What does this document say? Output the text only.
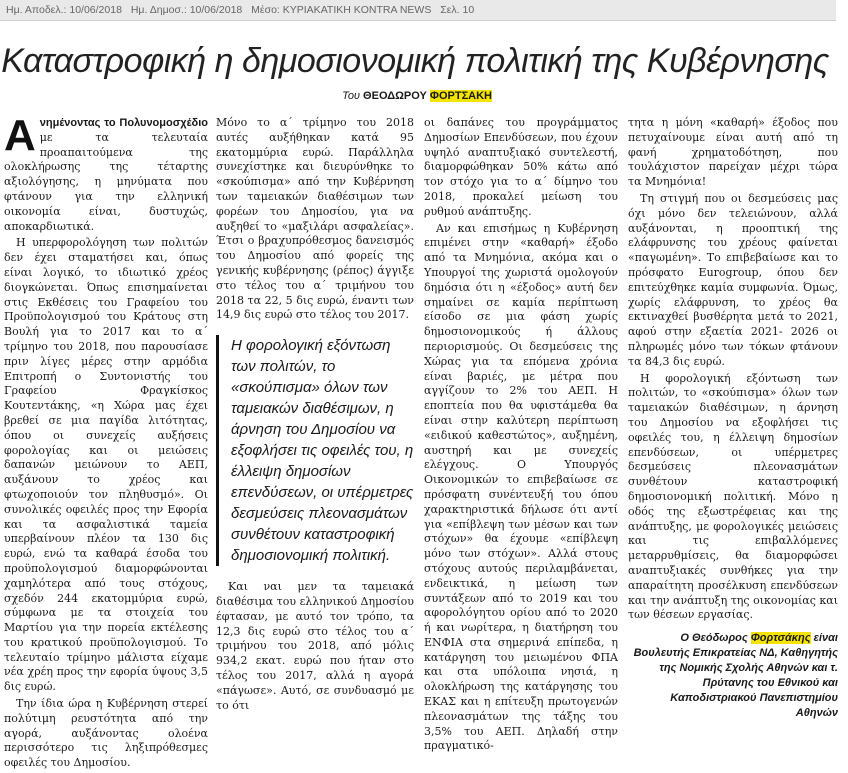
Ημ. Αποδελ.: 10/06/2018 Ημ. Δημοσ.: 10/06/2018 Μέσο: ΚΥΡΙΑΚΑΤΙΚΗ KONTRA NEWS Σελ. 10
Καταστροφική η δημοσιονομική πολιτική της Κυβέρνησης
Του ΘΕΟΔΩΡΟΥ ΦΟΡΤΣΑΚΗ

Α νημένοντας το Πολυνομοσχέδιο με τα τελευταία προαπαιτούμενα της ολοκλήρωσης της τέταρτης αξιολόγησης, η μηνύματα που φτάνουν για την ελληνική οικονομία είναι, δυστυχώς, αποκαρδιωτικά.

Η υπερφορολόγηση των πολιτών δεν έχει σταματήσει και, όπως είναι λογικό, το ιδιωτικό χρέος διογκώνεται. Όπως επισημαίνεται στις Εκθέσεις του Γραφείου του Προϋπολογισμού του Κράτους στη Βουλή για το 2017 και το α΄ τρίμηνο του 2018, που παρουσίασε πριν λίγες μέρες στην αρμόδια Επιτροπή ο Συντονιστής του Γραφείου Φραγκίσκος Κουτεντάκης, «η Χώρα μας έχει βρεθεί σε μια παγίδα λιτότητας, όπου οι συνεχείς αυξήσεις φορολογίας και οι μειώσεις δαπανών μειώνουν το ΑΕΠ, αυξάνουν το χρέος και φτωχοποιούν τον πληθυσμό». Οι συνολικές οφειλές προς την Εφορία και τα ασφαλιστικά ταμεία υπερβαίνουν πλέον τα 130 δις ευρώ, ενώ τα καθαρά έσοδα του προϋπολογισμού διαμορφώνονται χαμηλότερα από τους στόχους, σχεδόν 244 εκατομμύρια ευρώ, σύμφωνα με τα στοιχεία του Μαρτίου για την πορεία εκτέλεσης του κρατικού προϋπολογισμού. Το τελευταίο τρίμηνο μάλιστα είχαμε νέα χρέη προς την εφορία ύψους 3,5 δις ευρώ.

Την ίδια ώρα η Κυβέρνηση στερεί πολύτιμη ρευστότητα από την αγορά, αυξάνοντας ολοένα περισσότερο τις ληξιπρόθεσμες οφειλές του Δημοσίου.

Μόνο το α΄ τρίμηνο του 2018 αυτές αυξήθηκαν κατά 95 εκατομμύρια ευρώ. Παράλληλα συνεχίστηκε και διευρύνθηκε το «σκούπισμα» από την Κυβέρνηση των ταμειακών διαθέσιμων των φορέων του Δημοσίου, για να αυξηθεί το «μαξιλάρι ασφαλείας». Έτσι ο βραχυπρόθεσμος δανεισμός του Δημοσίου από φορείς της γενικής κυβέρνησης (ρέπος) άγγιξε στο τέλος του α΄ τριμήνου του 2018 τα 22, 5 δις ευρώ, έναντι των 14,9 δις ευρώ στο τέλος του 2017.

Η φορολογική εξόντωση των πολιτών, το «σκούπισμα» όλων των ταμειακών διαθέσιμων, η άρνηση του Δημοσίου να εξοφλήσει τις οφειλές του, η έλλειψη δημοσίων επενδύσεων, οι υπέρμετρες δεσμεύσεις πλεονασμάτων συνθέτουν καταστροφική δημοσιονομική πολιτική.

Και ναι μεν τα ταμειακά διαθέσιμα του ελληνικού Δημοσίου έφτασαν, με αυτό τον τρόπο, τα 12,3 δις ευρώ στο τέλος του α΄ τριμήνου του 2018, από μόλις 934,2 εκατ. ευρώ που ήταν στο τέλος του 2017, αλλά η αγορά «πάγωσε». Αυτό, σε συνδυασμό με το ότι

οι δαπάνες του προγράμματος Δημοσίων Επενδύσεων, που έχουν υψηλό αναπτυξιακό συντελεστή, διαμορφώθηκαν 50% κάτω από τον στόχο για το α΄ δίμηνο του 2018, προκαλεί μείωση του ρυθμού ανάπτυξης.

Αν και επισήμως η Κυβέρνηση επιμένει στην «καθαρή» έξοδο από τα Μνημόνια, ακόμα και ο Υπουργοί της χωριστά ομολογούν δημόσια ότι η «έξοδος» αυτή δεν σημαίνει σε καμία περίπτωση είσοδο σε μια φάση χωρίς δημοσιονομικούς ή άλλους περιορισμούς. Οι δεσμεύσεις της Χώρας για τα επόμενα χρόνια είναι βαριές, με μέτρα που αγγίζουν το 2% του ΑΕΠ. Η εποπτεία που θα υφιστάμεθα θα είναι στην καλύτερη περίπτωση «ειδικού καθεστώτος», αυξημένη, αυστηρή και με συνεχείς ελέγχους. Ο Υπουργός Οικονομικών το επιβεβαίωσε σε πρόσφατη συνέντευξή του όπου χαρακτηριστικά δήλωσε ότι αντί για «επίβλεψη των μέσων και των στόχων» θα έχουμε «επίβλεψη μόνο των στόχων». Αλλά στους στόχους αυτούς περιλαμβάνεται, ενδεικτικά, η μείωση των συντάξεων από το 2019 και του αφορολόγητου ορίου από το 2020 ή και νωρίτερα, η διατήρηση του ΕΝΦΙΑ στα σημερινά επίπεδα, η κατάργηση του μειωμένου ΦΠΑ και στα υπόλοιπα νησιά, η ολοκλήρωση της κατάργησης του ΕΚΑΣ και η επίτευξη πρωτογενών πλεονασμάτων της τάξης του 3,5% του ΑΕΠ. Δηλαδή στην πραγματικό-

τητα η μόνη «καθαρή» έξοδος που πετυχαίνουμε είναι αυτή από τη φανή χρηματοδότηση, που τουλάχιστον παρείχαν μέχρι τώρα τα Μνημόνια!

Τη στιγμή που οι δεσμεύσεις μας όχι μόνο δεν τελειώνουν, αλλά αυξάνονται, η προοπτική της ελάφρυνσης του χρέους φαίνεται «παγωμένη». Το επιβεβαίωσε και το πρόσφατο Eurogroup, όπου δεν επιτεύχθηκε καμία συμφωνία. Όμως, χωρίς ελάφρυνση, το χρέος θα εκτιναχθεί βυσθέρητα μετά το 2021, αφού στην εξαετία 2021- 2026 οι πληρωμές μόνο των τόκων φτάνουν τα 84,3 δις ευρώ.

Η φορολογική εξόντωση των πολιτών, το «σκούπισμα» όλων των ταμειακών διαθέσιμων, η άρνηση του Δημοσίου να εξοφλήσει τις οφειλές του, η έλλειψη δημοσίων επενδύσεων, οι υπέρμετρες δεσμεύσεις πλεονασμάτων συνθέτουν καταστροφική δημοσιονομική πολιτική. Μόνο η οδός της εξωστρέφειας και της ανάπτυξης, με φορολογικές μειώσεις και τις επιβαλλόμενες μεταρρυθμίσεις, θα διαμορφώσει αναπτυξιακές συνθήκες για την απαραίτητη προσέλκυση επενδύσεων και την ανάπτυξη της οικονομίας και των θέσεων εργασίας.

Ο Θεόδωρος Φορτσάκης είναι Βουλευτής Επικρατείας ΝΔ, Καθηγητής της Νομικής Σχολής Αθηνών και τ. Πρύτανης του Εθνικού και Καποδιστριακού Πανεπιστημίου Αθηνών
